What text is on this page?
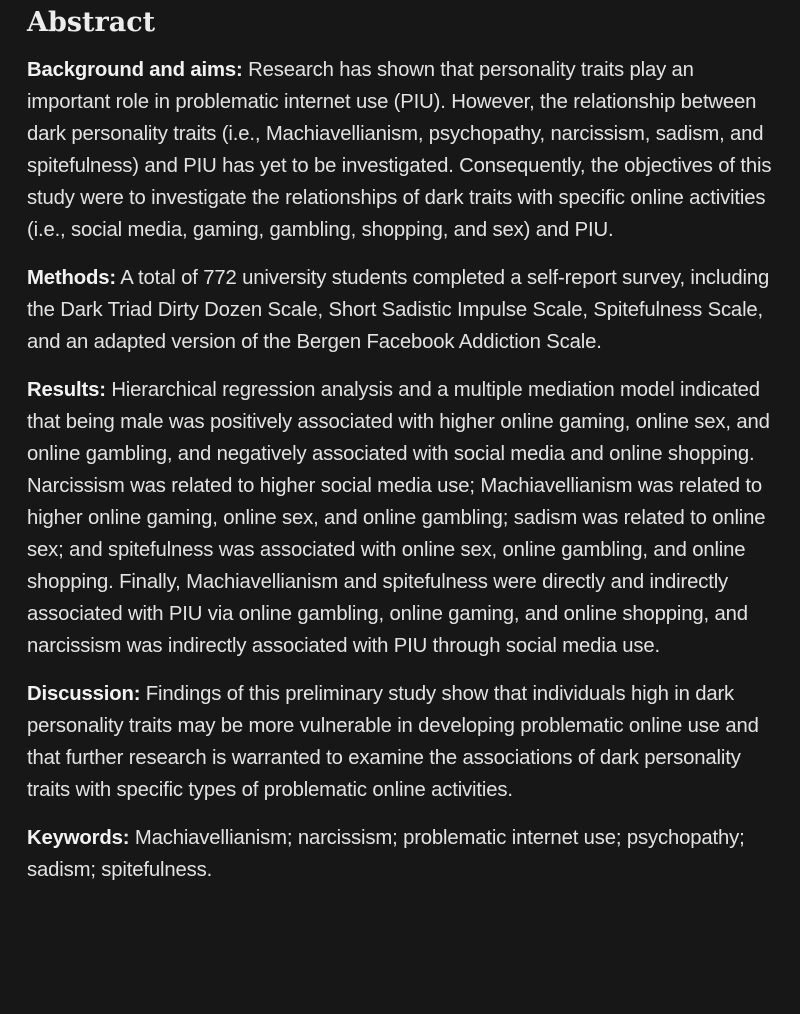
Abstract

Background and aims: Research has shown that personality traits play an important role in problematic internet use (PIU). However, the relationship between dark personality traits (i.e., Machiavellianism, psychopathy, narcissism, sadism, and spitefulness) and PIU has yet to be investigated. Consequently, the objectives of this study were to investigate the relationships of dark traits with specific online activities (i.e., social media, gaming, gambling, shopping, and sex) and PIU.

Methods: A total of 772 university students completed a self-report survey, including the Dark Triad Dirty Dozen Scale, Short Sadistic Impulse Scale, Spitefulness Scale, and an adapted version of the Bergen Facebook Addiction Scale.

Results: Hierarchical regression analysis and a multiple mediation model indicated that being male was positively associated with higher online gaming, online sex, and online gambling, and negatively associated with social media and online shopping. Narcissism was related to higher social media use; Machiavellianism was related to higher online gaming, online sex, and online gambling; sadism was related to online sex; and spitefulness was associated with online sex, online gambling, and online shopping. Finally, Machiavellianism and spitefulness were directly and indirectly associated with PIU via online gambling, online gaming, and online shopping, and narcissism was indirectly associated with PIU through social media use.

Discussion: Findings of this preliminary study show that individuals high in dark personality traits may be more vulnerable in developing problematic online use and that further research is warranted to examine the associations of dark personality traits with specific types of problematic online activities.

Keywords: Machiavellianism; narcissism; problematic internet use; psychopathy; sadism; spitefulness.
